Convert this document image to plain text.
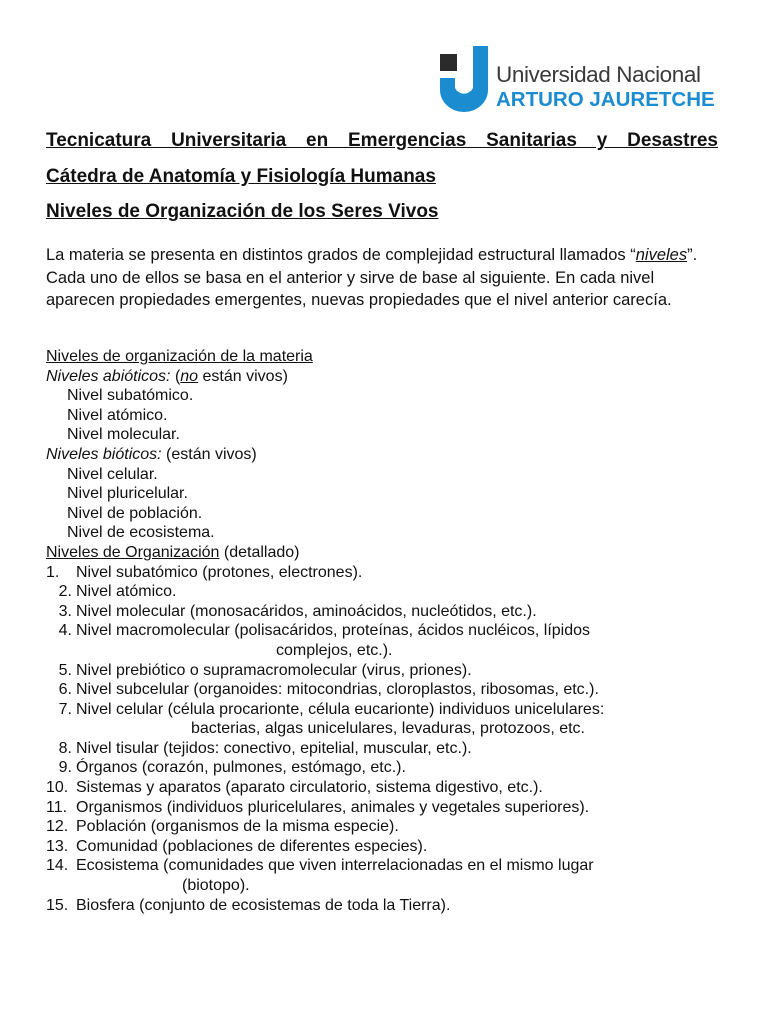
Universidad Nacional
ARTURO JAURETCHE
Tecnicatura Universitaria en Emergencias Sanitarias y Desastres
Cátedra de Anatomía y Fisiología Humanas
Niveles de Organización de los Seres Vivos
La materia se presenta en distintos grados de complejidad estructural llamados “niveles”. Cada uno de ellos se basa en el anterior y sirve de base al siguiente. En cada nivel aparecen propiedades emergentes, nuevas propiedades que el nivel anterior carecía.
Niveles de organización de la materia
Niveles abióticos: (no están vivos)
Nivel subatómico.
Nivel atómico.
Nivel molecular.
Niveles bióticos: (están vivos)
Nivel celular.
Nivel pluricelular.
Nivel de población.
Nivel de ecosistema.
Niveles de Organización (detallado)
1. Nivel subatómico (protones, electrones).
2. Nivel atómico.
3. Nivel molecular (monosacáridos, aminoácidos, nucleótidos, etc.).
4. Nivel macromolecular (polisacáridos, proteínas, ácidos nucléicos, lípidos
complejos, etc.).
5. Nivel prebiótico o supramacromolecular (virus, priones).
6. Nivel subcelular (organoides: mitocondrias, cloroplastos, ribosomas, etc.).
7. Nivel celular (célula procarionte, célula eucarionte) individuos unicelulares:
bacterias, algas unicelulares, levaduras, protozoos, etc.
8. Nivel tisular (tejidos: conectivo, epitelial, muscular, etc.).
9. Órganos (corazón, pulmones, estómago, etc.).
10. Sistemas y aparatos (aparato circulatorio, sistema digestivo, etc.).
11. Organismos (individuos pluricelulares, animales y vegetales superiores).
12. Población (organismos de la misma especie).
13. Comunidad (poblaciones de diferentes especies).
14. Ecosistema (comunidades que viven interrelacionadas en el mismo lugar
(biotopo).
15. Biosfera (conjunto de ecosistemas de toda la Tierra).
